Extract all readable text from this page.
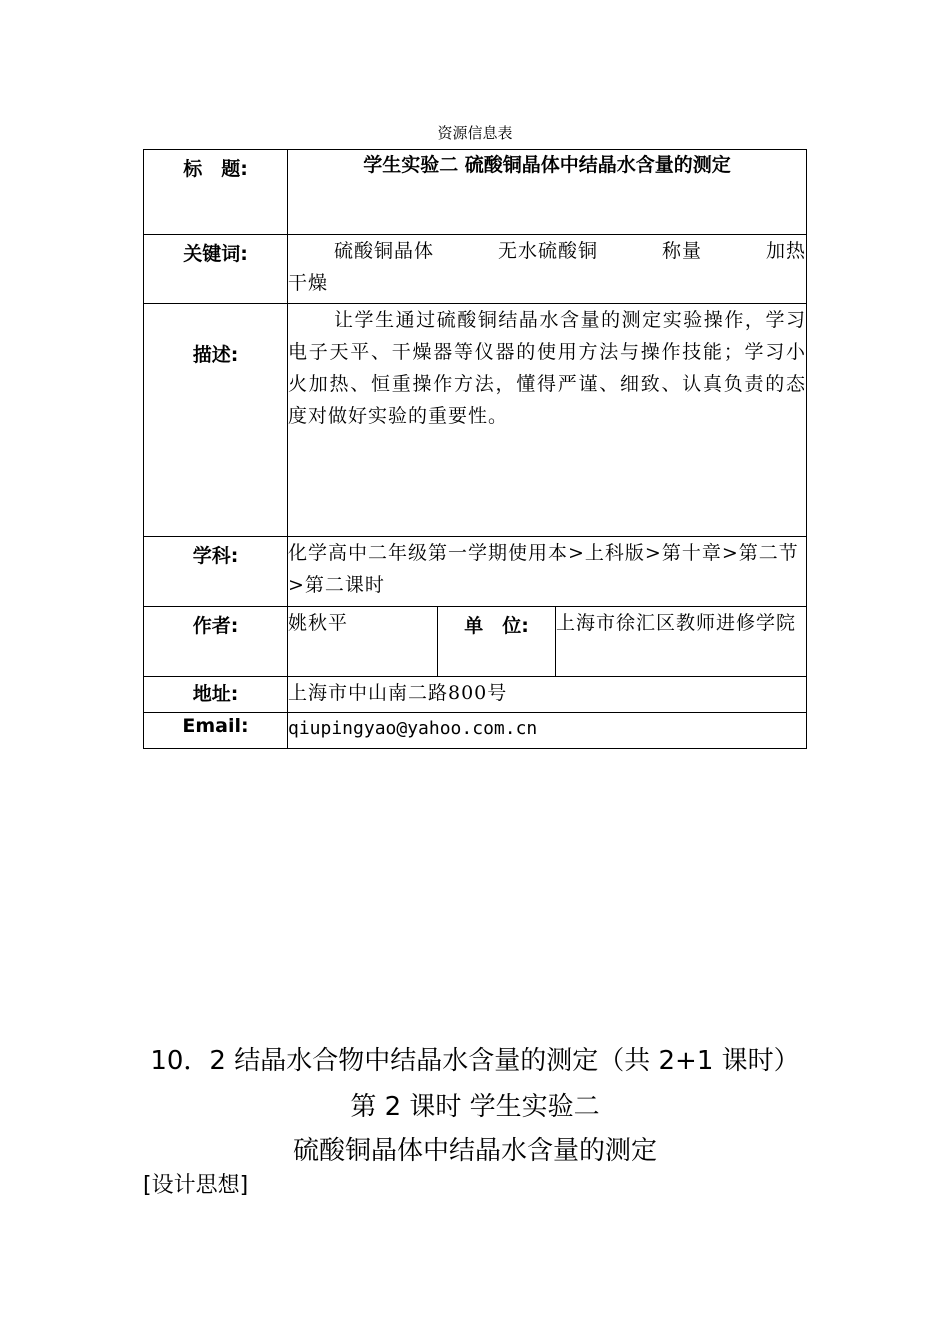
资源信息表
标　题:	学生实验二 硫酸铜晶体中结晶水含量的测定		

关键词:	硫酸铜晶体 无水硫酸铜 称量 加热
干燥		

描述:	让学生通过硫酸铜结晶水含量的测定实验操作，学习电子天平、干燥器等仪器的使用方法与操作技能；学习小火加热、恒重操作方法，懂得严谨、细致、认真负责的态度对做好实验的重要性。		

学科:	化学高中二年级第一学期使用本>上科版>第十章>第二节>第二课时		

作者:	姚秋平	单　位:	上海市徐汇区教师进修学院

地址:	上海市中山南二路800号		

Email:	qiupingyao@yahoo.com.cn		
10．2 结晶水合物中结晶水含量的测定（共 2+1 课时）
第 2 课时 学生实验二
硫酸铜晶体中结晶水含量的测定
[设计思想]
